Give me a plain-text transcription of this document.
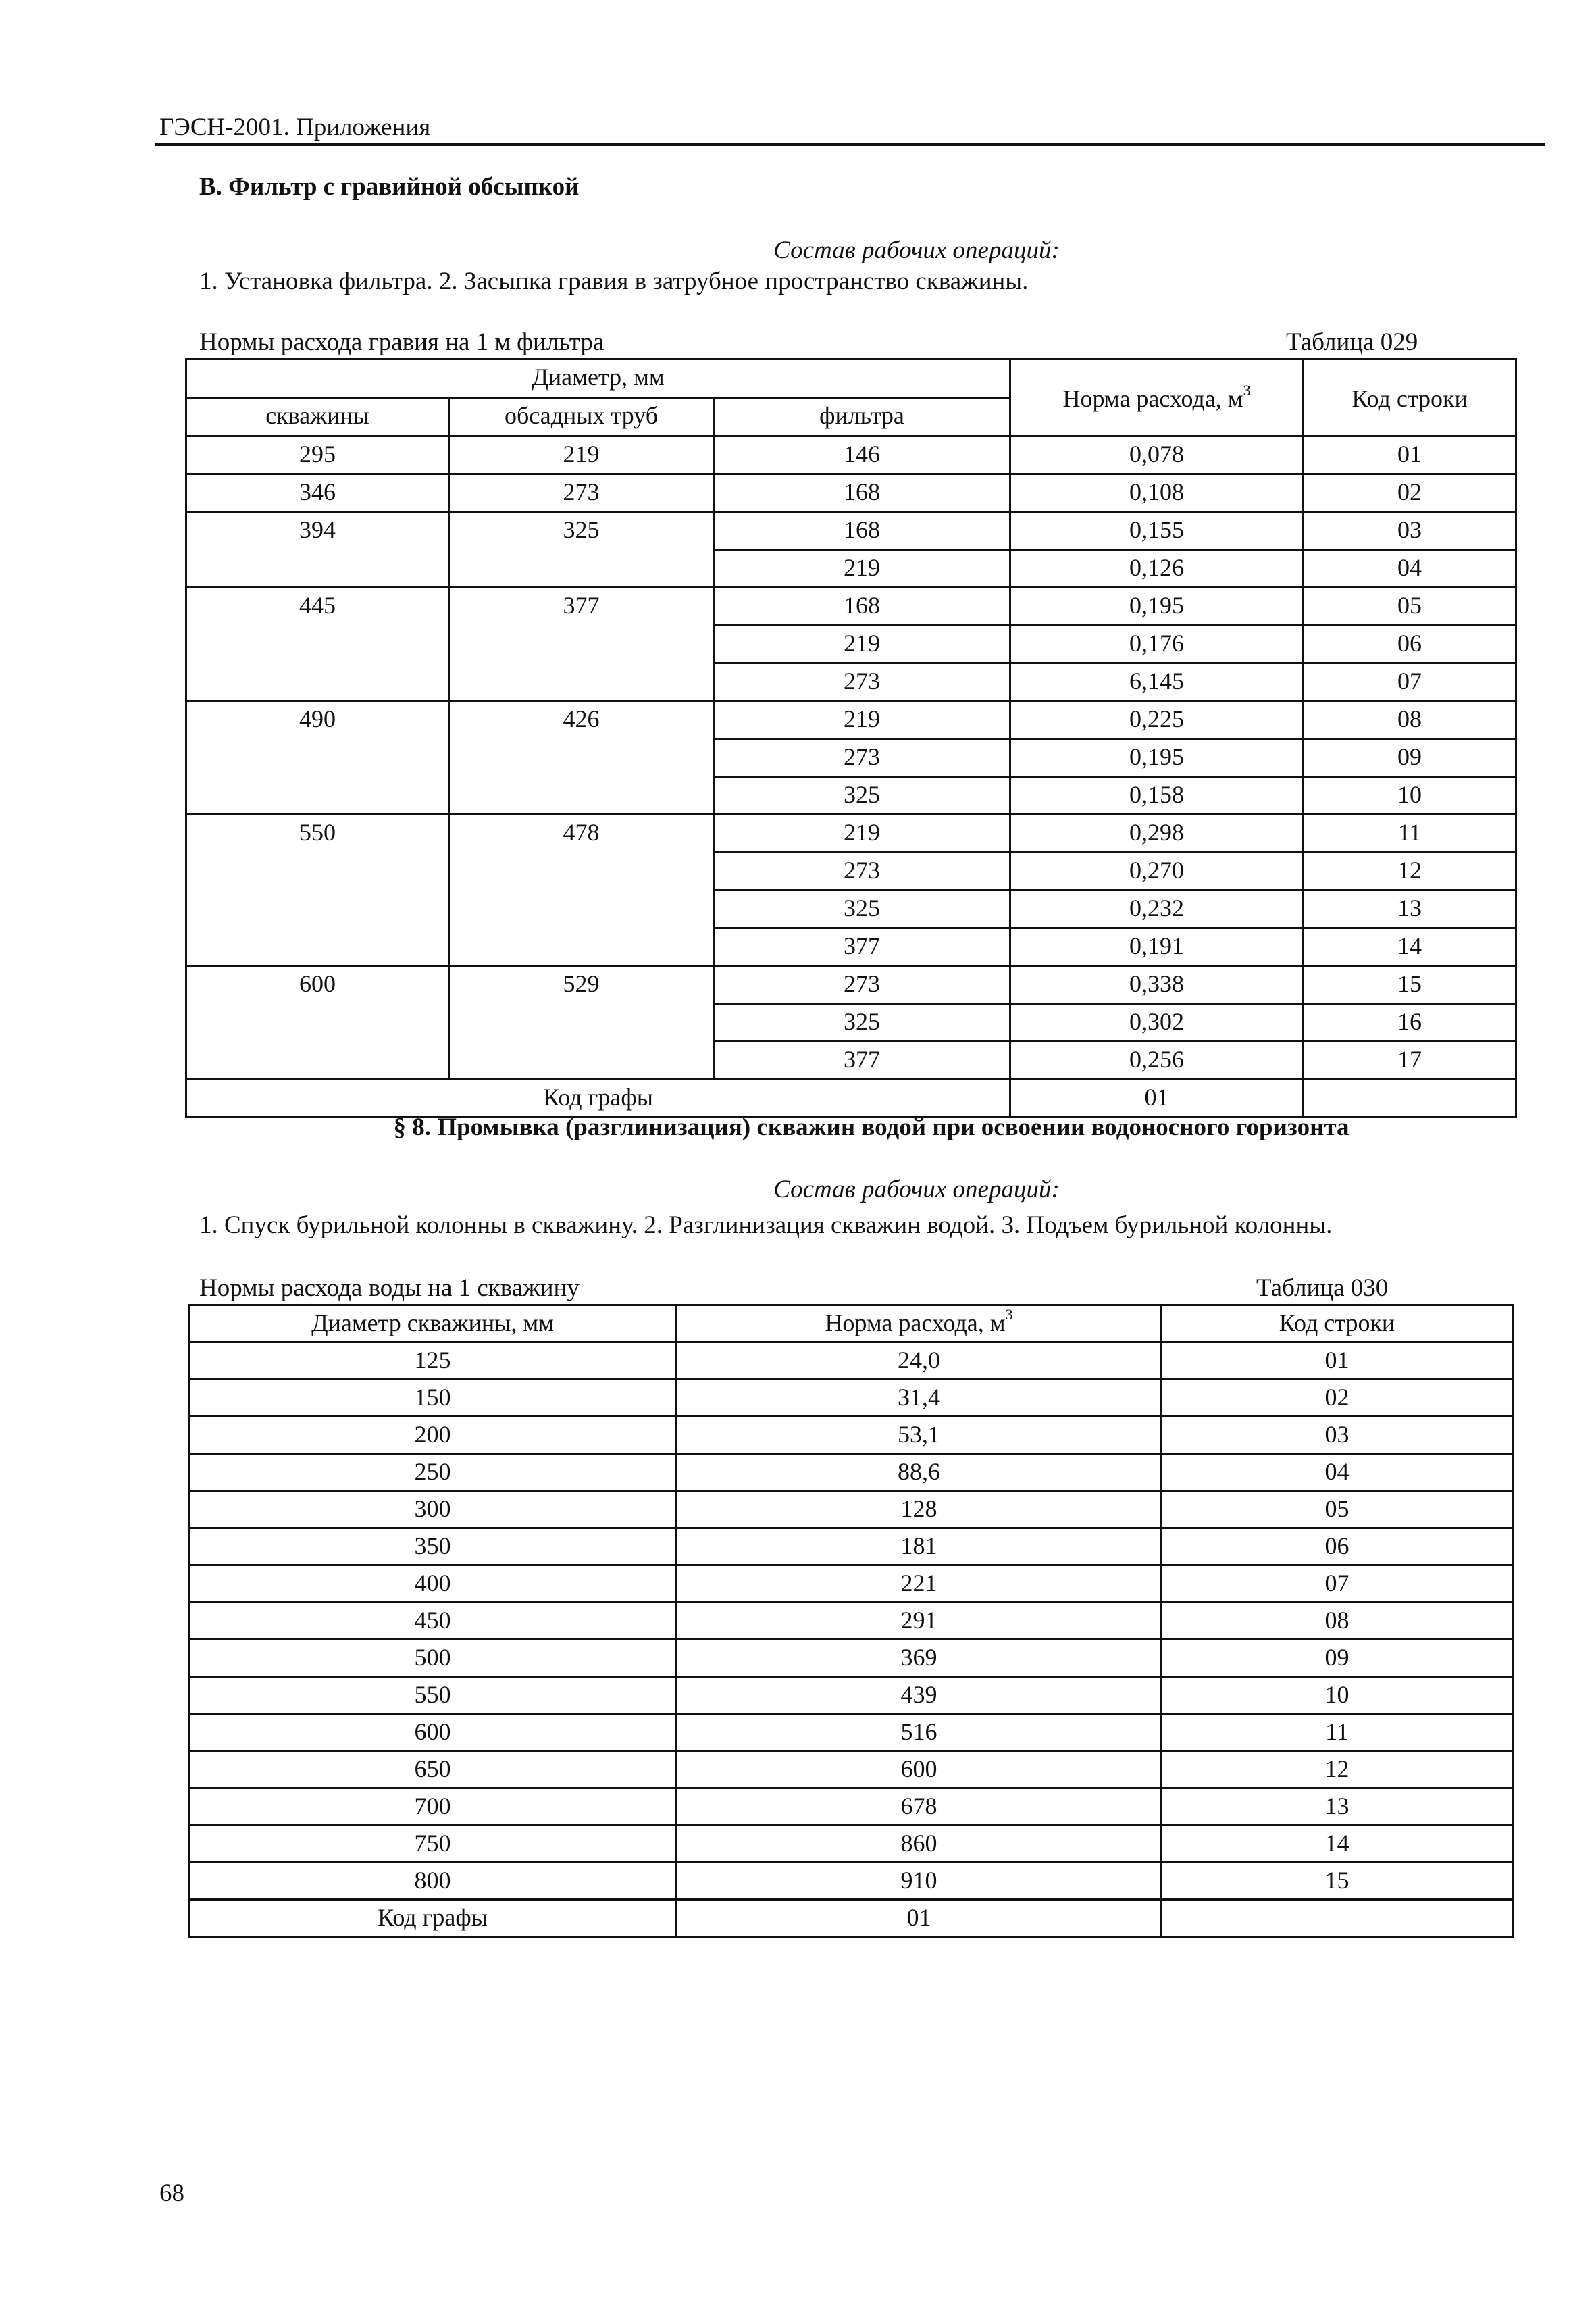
ГЭСН-2001. Приложения
В. Фильтр с гравийной обсыпкой
Состав рабочих операций:
1. Установка фильтра. 2. Засыпка гравия в затрубное пространство скважины.
Нормы расхода гравия на 1 м фильтра	Таблица 029
Диаметр, мм			Норма расхода, $м^3$	Код строки
скважины	обсадных труб	фильтра		
295	219	146	0,078	01
346	273	168	0,108	02
394	325	168	0,155	03
		219	0,126	04
445	377	168	0,195	05
		219	0,176	06
		273	6,145	07
490	426	219	0,225	08
		273	0,195	09
		325	0,158	10
550	478	219	0,298	11
		273	0,270	12
		325	0,232	13
		377	0,191	14
600	529	273	0,338	15
		325	0,302	16
		377	0,256	17
Код графы			01	
§ 8. Промывка (разглинизация) скважин водой при освоении водоносного горизонта
Состав рабочих операций:
1. Спуск бурильной колонны в скважину. 2. Разглинизация скважин водой. 3. Подъем бурильной колонны.
Нормы расхода воды на 1 скважину	Таблица 030
Диаметр скважины, мм	Норма расхода, $м^3$	Код строки
125	24,0	01
150	31,4	02
200	53,1	03
250	88,6	04
300	128	05
350	181	06
400	221	07
450	291	08
500	369	09
550	439	10
600	516	11
650	600	12
700	678	13
750	860	14
800	910	15
Код графы	01	
68
